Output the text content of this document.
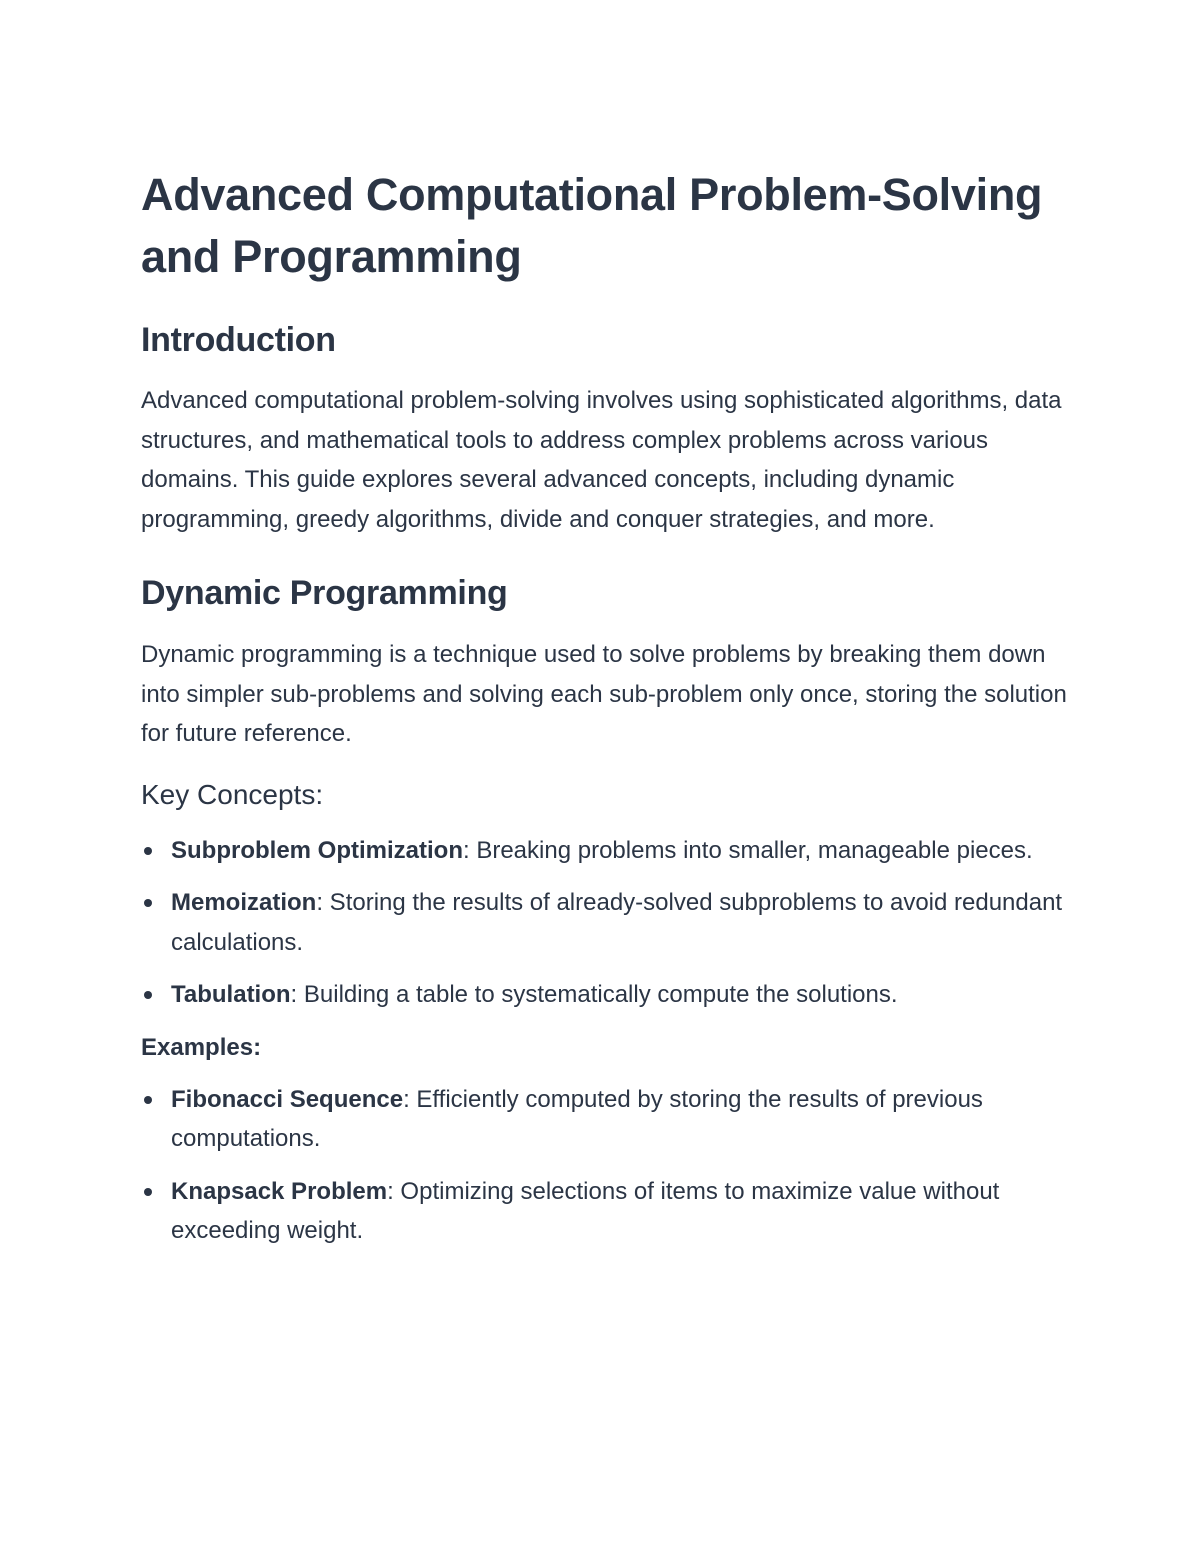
Advanced Computational Problem-Solving and Programming
Introduction

Advanced computational problem-solving involves using sophisticated algorithms, data structures, and mathematical tools to address complex problems across various domains. This guide explores several advanced concepts, including dynamic programming, greedy algorithms, divide and conquer strategies, and more.

Dynamic Programming

Dynamic programming is a technique used to solve problems by breaking them down into simpler sub-problems and solving each sub-problem only once, storing the solution for future reference.

Key Concepts:
Subproblem Optimization: Breaking problems into smaller, manageable pieces.
Memoization: Storing the results of already-solved subproblems to avoid redundant calculations.
Tabulation: Building a table to systematically compute the solutions.
Examples:
Fibonacci Sequence: Efficiently computed by storing the results of previous computations.
Knapsack Problem: Optimizing selections of items to maximize value without exceeding weight.
